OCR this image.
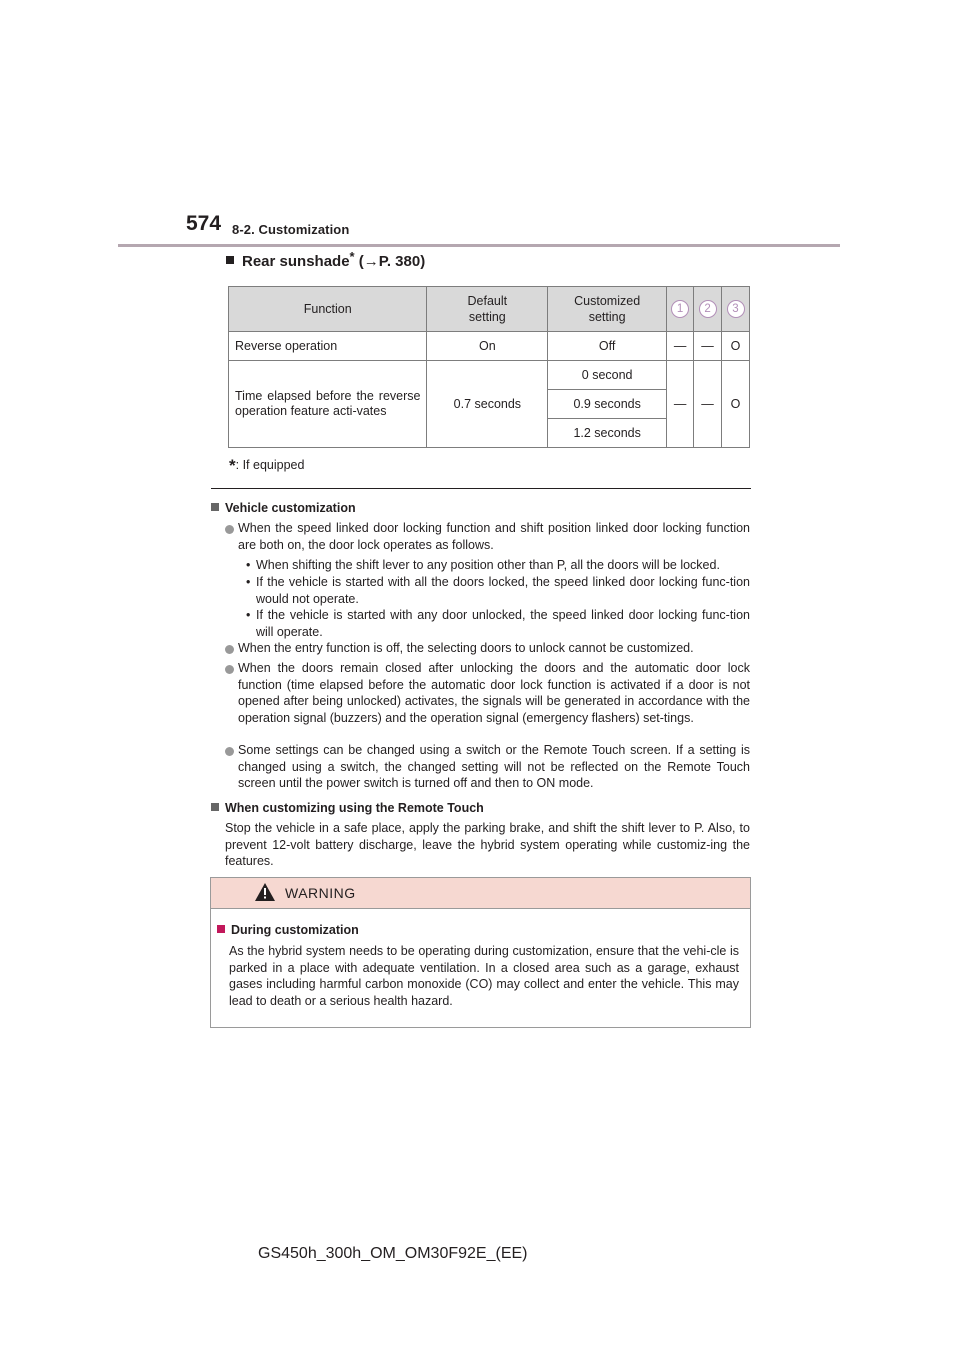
574 8-2. Customization
Rear sunshade* (→P. 380)
Function	Default setting	Customized setting	1	2	3
Reverse operation	On	Off	—	—	O
Time elapsed before the reverse operation feature acti-vates	0.7 seconds	0 second	—	—	O
		0.9 seconds			
		1.2 seconds			
*: If equipped
Vehicle customization
When the speed linked door locking function and shift position linked door locking function are both on, the door lock operates as follows.
• When shifting the shift lever to any position other than P, all the doors will be locked.
• If the vehicle is started with all the doors locked, the speed linked door locking func-tion would not operate.
• If the vehicle is started with any door unlocked, the speed linked door locking func-tion will operate.
When the entry function is off, the selecting doors to unlock cannot be customized.
When the doors remain closed after unlocking the doors and the automatic door lock function (time elapsed before the automatic door lock function is activated if a door is not opened after being unlocked) activates, the signals will be generated in accordance with the operation signal (buzzers) and the operation signal (emergency flashers) set-tings.
Some settings can be changed using a switch or the Remote Touch screen. If a setting is changed using a switch, the changed setting will not be reflected on the Remote Touch screen until the power switch is turned off and then to ON mode.
When customizing using the Remote Touch
Stop the vehicle in a safe place, apply the parking brake, and shift the shift lever to P. Also, to prevent 12-volt battery discharge, leave the hybrid system operating while customiz-ing the features.
WARNING
During customization
As the hybrid system needs to be operating during customization, ensure that the vehi-cle is parked in a place with adequate ventilation. In a closed area such as a garage, exhaust gases including harmful carbon monoxide (CO) may collect and enter the vehicle. This may lead to death or a serious health hazard.
GS450h_300h_OM_OM30F92E_(EE)
